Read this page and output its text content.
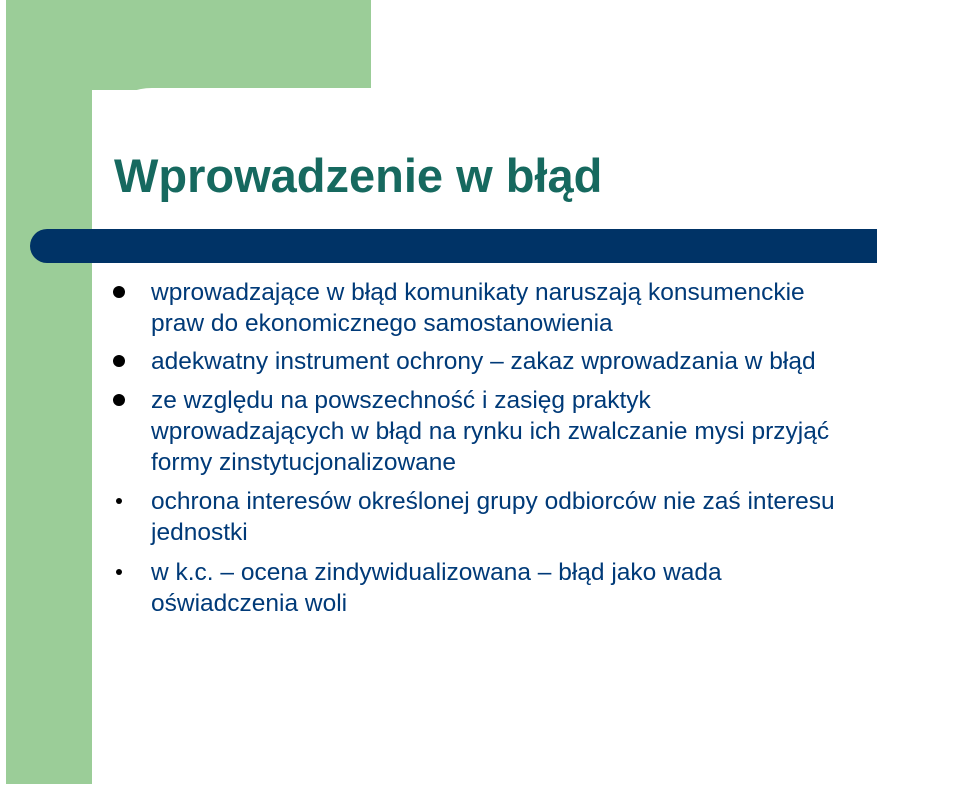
Wprowadzenie w błąd
wprowadzające w błąd komunikaty naruszają konsumenckie
praw do ekonomicznego samostanowienia
adekwatny instrument ochrony – zakaz wprowadzania w błąd
ze względu na powszechność i zasięg praktyk
wprowadzających w błąd na rynku ich zwalczanie mysi przyjąć
formy zinstytucjonalizowane
ochrona interesów określonej grupy odbiorców nie zaś interesu
jednostki
w k.c. – ocena zindywidualizowana – błąd jako wada
oświadczenia woli
